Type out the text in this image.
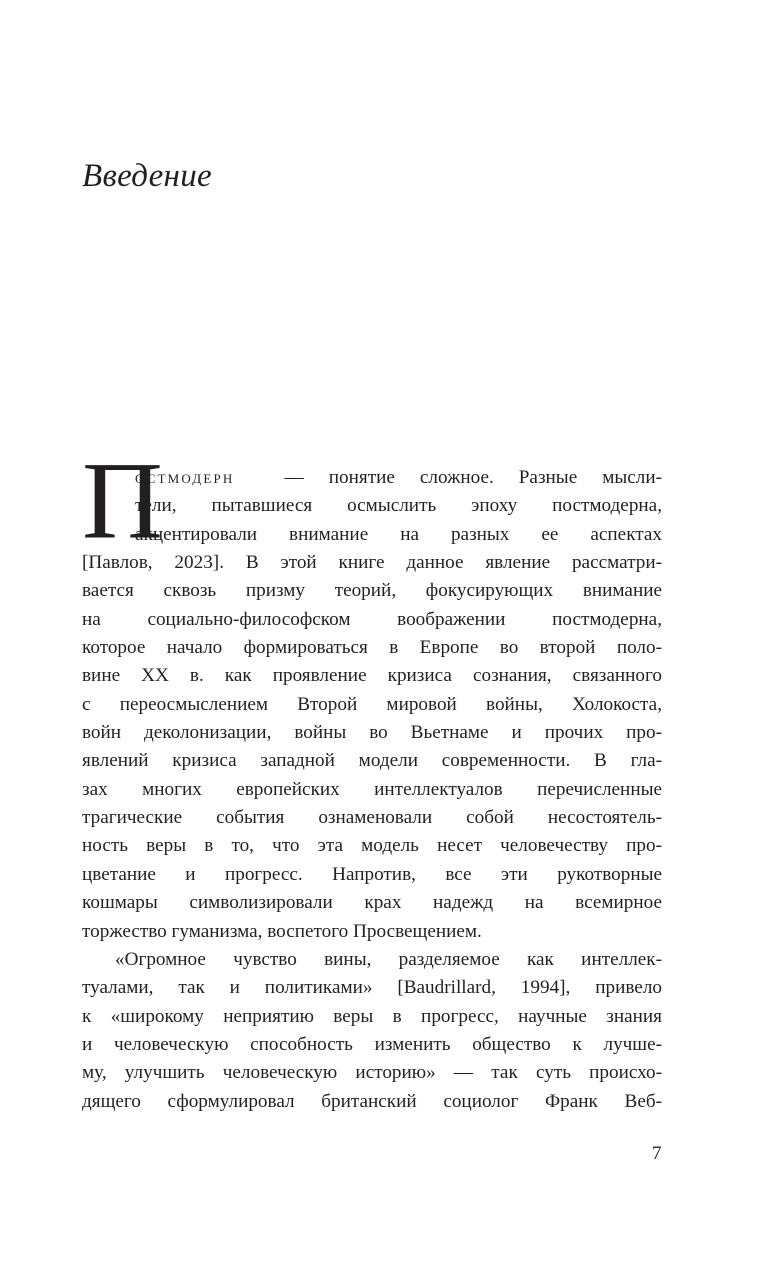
Введение
П
остмодерн	— понятие сложное. Разные мысли-
тели, пытавшиеся осмыслить эпоху постмодерна,
акцентировали внимание на разных ее аспектах
[Павлов, 2023]. В этой книге данное явление рассматри-
вается сквозь призму теорий, фокусирующих внимание
на социально-философском воображении постмодерна,
которое начало формироваться в Европе во второй поло-
вине XX в. как проявление кризиса сознания, связанного
с переосмыслением Второй мировой войны, Холокоста,
войн деколонизации, войны во Вьетнаме и прочих про-
явлений кризиса западной модели современности. В гла-
зах многих европейских интеллектуалов перечисленные
трагические события ознаменовали собой несостоятель-
ность веры в то, что эта модель несет человечеству про-
цветание и прогресс. Напротив, все эти рукотворные
кошмары символизировали крах надежд на всемирное
торжество гуманизма, воспетого Просвещением.
«Огромное чувство вины, разделяемое как интеллек-
туалами, так и политиками» [Baudrillard, 1994], привело
к «широкому неприятию веры в прогресс, научные знания
и человеческую способность изменить общество к лучше-
му, улучшить человеческую историю» — так суть происхо-
дящего сформулировал британский социолог Франк Веб-
7
